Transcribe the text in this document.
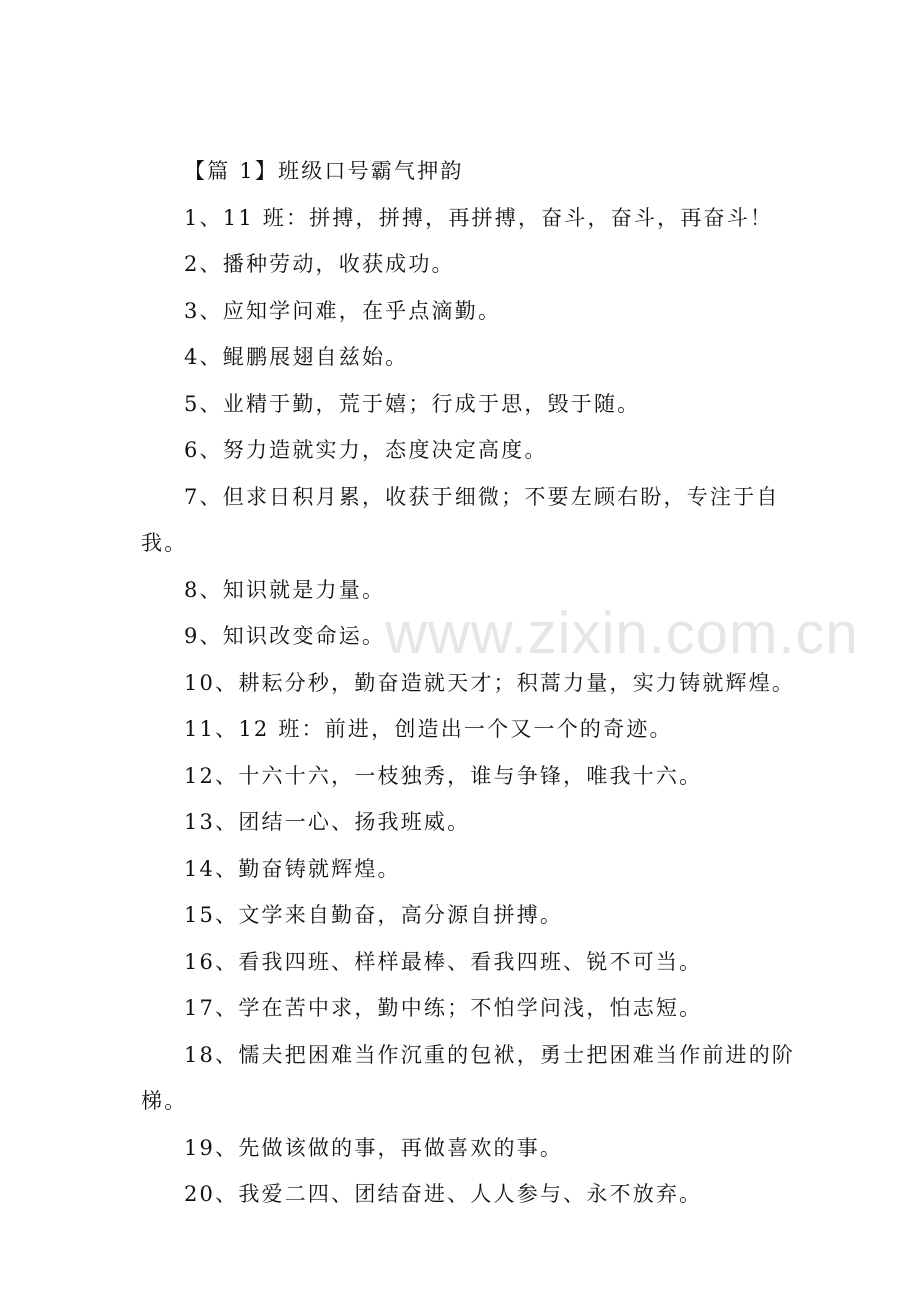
www.zixin.com.cn

【篇 1】班级口号霸气押韵

1、11 班：拼搏，拼搏，再拼搏，奋斗，奋斗，再奋斗！

2、播种劳动，收获成功。

3、应知学问难，在乎点滴勤。

4、鲲鹏展翅自兹始。

5、业精于勤，荒于嬉；行成于思，毁于随。

6、努力造就实力，态度决定高度。

7、但求日积月累，收获于细微；不要左顾右盼，专注于自我。

8、知识就是力量。

9、知识改变命运。

10、耕耘分秒，勤奋造就天才；积蒿力量，实力铸就辉煌。

11、12 班：前进，创造出一个又一个的奇迹。

12、十六十六，一枝独秀，谁与争锋，唯我十六。

13、团结一心、扬我班威。

14、勤奋铸就辉煌。

15、文学来自勤奋，高分源自拼搏。

16、看我四班、样样最棒、看我四班、锐不可当。

17、学在苦中求，勤中练；不怕学问浅，怕志短。

18、懦夫把困难当作沉重的包袱，勇士把困难当作前进的阶梯。

19、先做该做的事，再做喜欢的事。

20、我爱二四、团结奋进、人人参与、永不放弃。
